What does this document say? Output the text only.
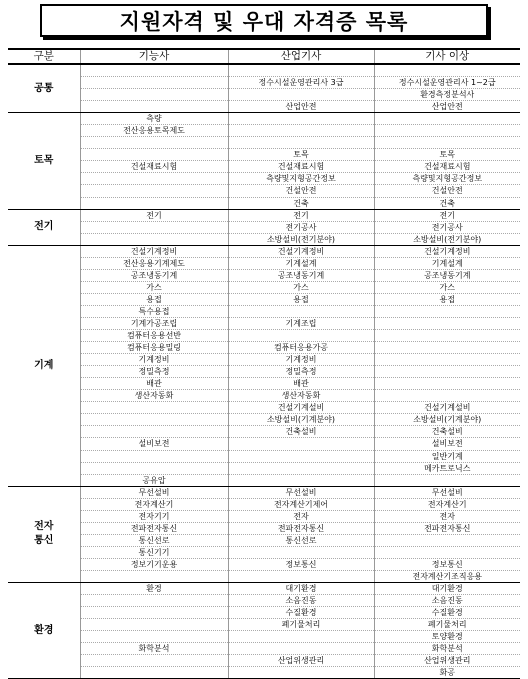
지원자격 및 우대 자격증 목록
구분	기능사	산업기사	기사 이상
공통			
		정수시설운영관리사 3급	정수시설운영관리사 1~2급
			환경측정분석사
		산업안전	산업안전
토목	측량		
	전산응용토목제도		

		토목	토목
	건설재료시험	건설재료시험	건설재료시험
		측량및지형공간정보	측량및지형공간정보
		건설안전	건설안전
		건축	건축
전기	전기	전기	전기
		전기공사	전기공사
		소방설비(전기분야)	소방설비(전기분야)
기계	건설기계정비	건설기계정비	건설기계정비
	전산응용기계제도	기계설계	기계설계
	공조냉동기계	공조냉동기계	공조냉동기계
	가스	가스	가스
	용접	용접	용접
	특수용접		
	기계가공조립	기계조립	
	컴퓨터응용선반		
	컴퓨터응용밀링	컴퓨터응용가공	
	기계정비	기계정비	
	정밀측정	정밀측정	
	배관	배관	
	생산자동화	생산자동화	
		건설기계설비	건설기계설비
		소방설비(기계분야)	소방설비(기계분야)
		건축설비	건축설비
	설비보전		설비보전
			일반기계
			메카트로닉스
	공유압		
전자
통신	무선설비	무선설비	무선설비
	전자계산기	전자계산기제어	전자계산기
	전자기기	전자	전자
	전파전자통신	전파전자통신	전파전자통신
	통신선로	통신선로	
	통신기기		
	정보기기운용	정보통신	정보통신
			전자계산기조직응용
환경	환경	대기환경	대기환경
		소음진동	소음진동
		수질환경	수질환경
		폐기물처리	폐기물처리
			토양환경
	화학분석		화학분석
		산업위생관리	산업위생관리
			화공
